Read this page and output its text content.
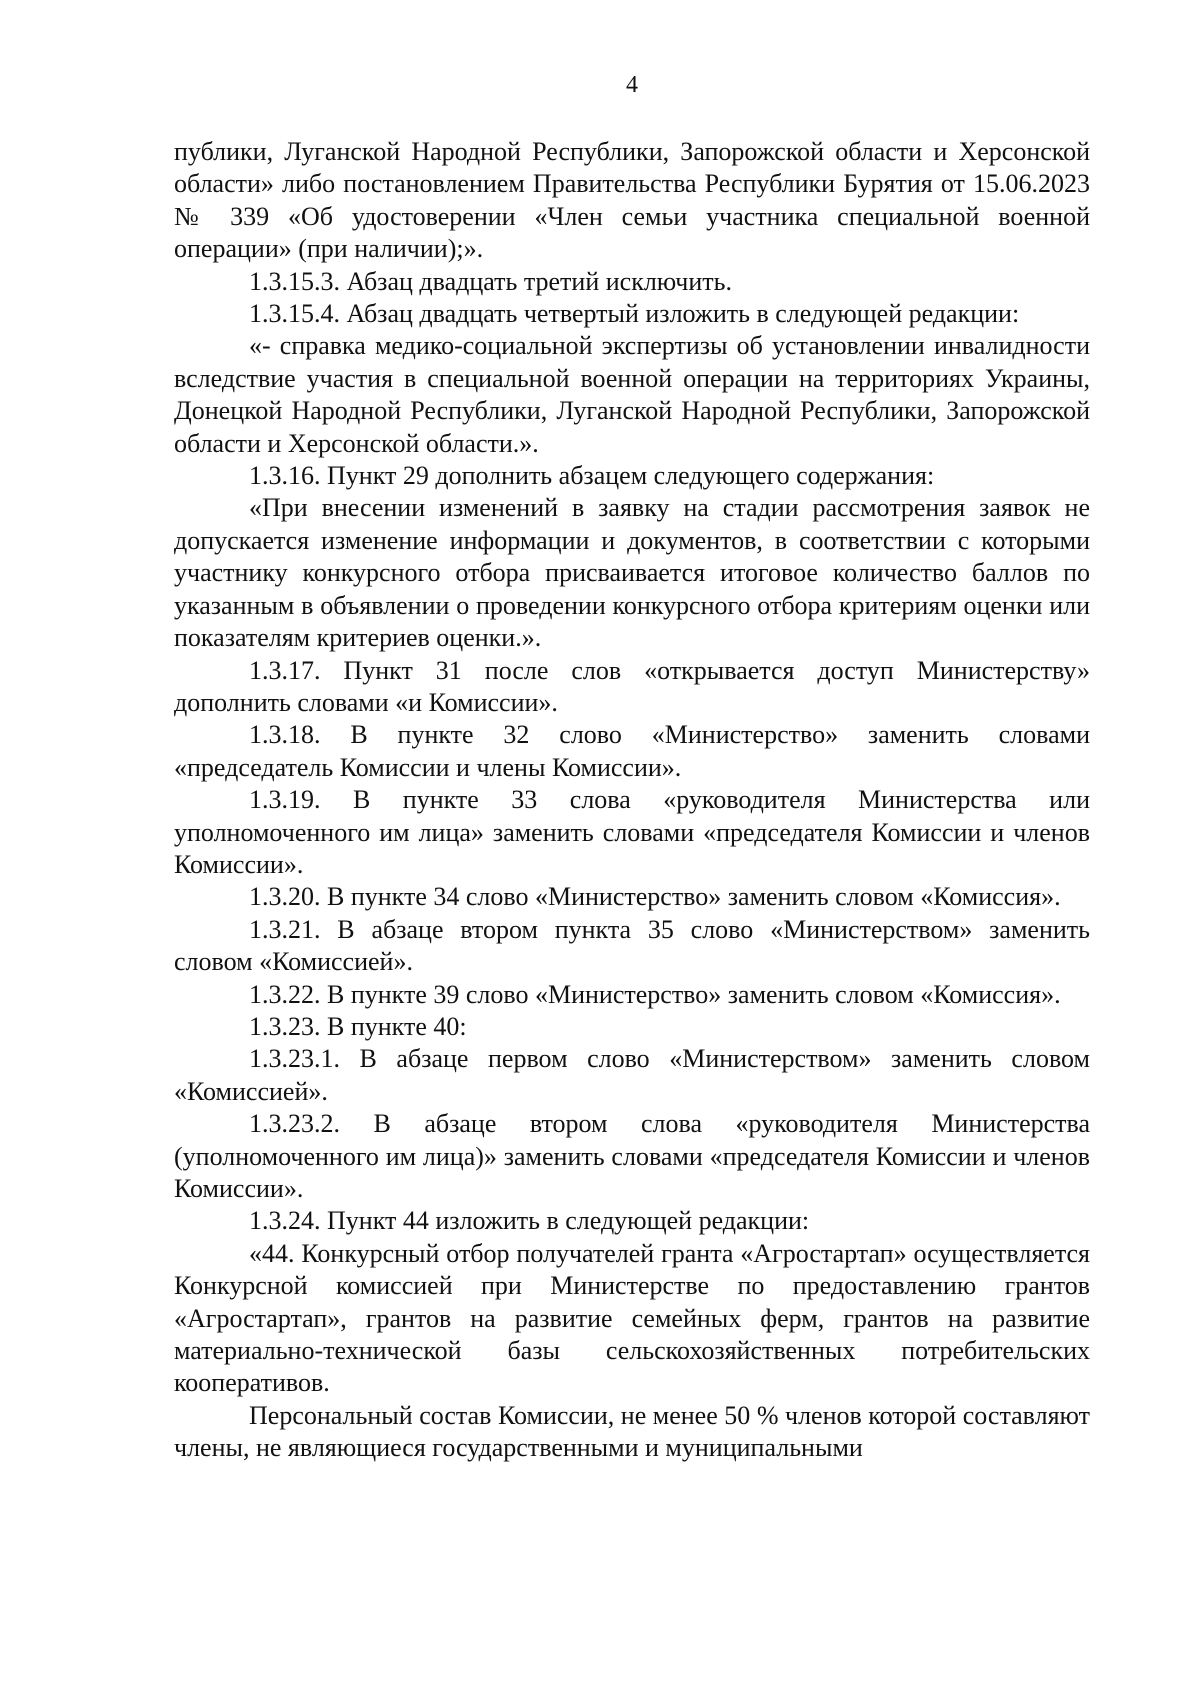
4

публики, Луганской Народной Республики, Запорожской области и Херсонской области» либо постановлением Правительства Республики Бурятия от 15.06.2023 № 339 «Об удостоверении «Член семьи участника специальной военной операции» (при наличии);».

1.3.15.3. Абзац двадцать третий исключить.

1.3.15.4. Абзац двадцать четвертый изложить в следующей редакции:

«- справка медико-социальной экспертизы об установлении инвалидности вследствие участия в специальной военной операции на территориях Украины, Донецкой Народной Республики, Луганской Народной Республики, Запорожской области и Херсонской области.».

1.3.16. Пункт 29 дополнить абзацем следующего содержания:

«При внесении изменений в заявку на стадии рассмотрения заявок не допускается изменение информации и документов, в соответствии с которыми участнику конкурсного отбора присваивается итоговое количество баллов по указанным в объявлении о проведении конкурсного отбора критериям оценки или показателям критериев оценки.».

1.3.17. Пункт 31 после слов «открывается доступ Министерству» дополнить словами «и Комиссии».

1.3.18. В пункте 32 слово «Министерство» заменить словами «председатель Комиссии и члены Комиссии».

1.3.19. В пункте 33 слова «руководителя Министерства или уполномоченного им лица» заменить словами «председателя Комиссии и членов Комиссии».

1.3.20. В пункте 34 слово «Министерство» заменить словом «Комиссия».

1.3.21. В абзаце втором пункта 35 слово «Министерством» заменить словом «Комиссией».

1.3.22. В пункте 39 слово «Министерство» заменить словом «Комиссия».

1.3.23. В пункте 40:

1.3.23.1. В абзаце первом слово «Министерством» заменить словом «Комиссией».

1.3.23.2. В абзаце втором слова «руководителя Министерства (уполномоченного им лица)» заменить словами «председателя Комиссии и членов Комиссии».

1.3.24. Пункт 44 изложить в следующей редакции:

«44. Конкурсный отбор получателей гранта «Агростартап» осуществляется Конкурсной комиссией при Министерстве по предоставлению грантов «Агростартап», грантов на развитие семейных ферм, грантов на развитие материально-технической базы сельскохозяйственных потребительских кооперативов.

Персональный состав Комиссии, не менее 50 % членов которой составляют члены, не являющиеся государственными и муниципальными
